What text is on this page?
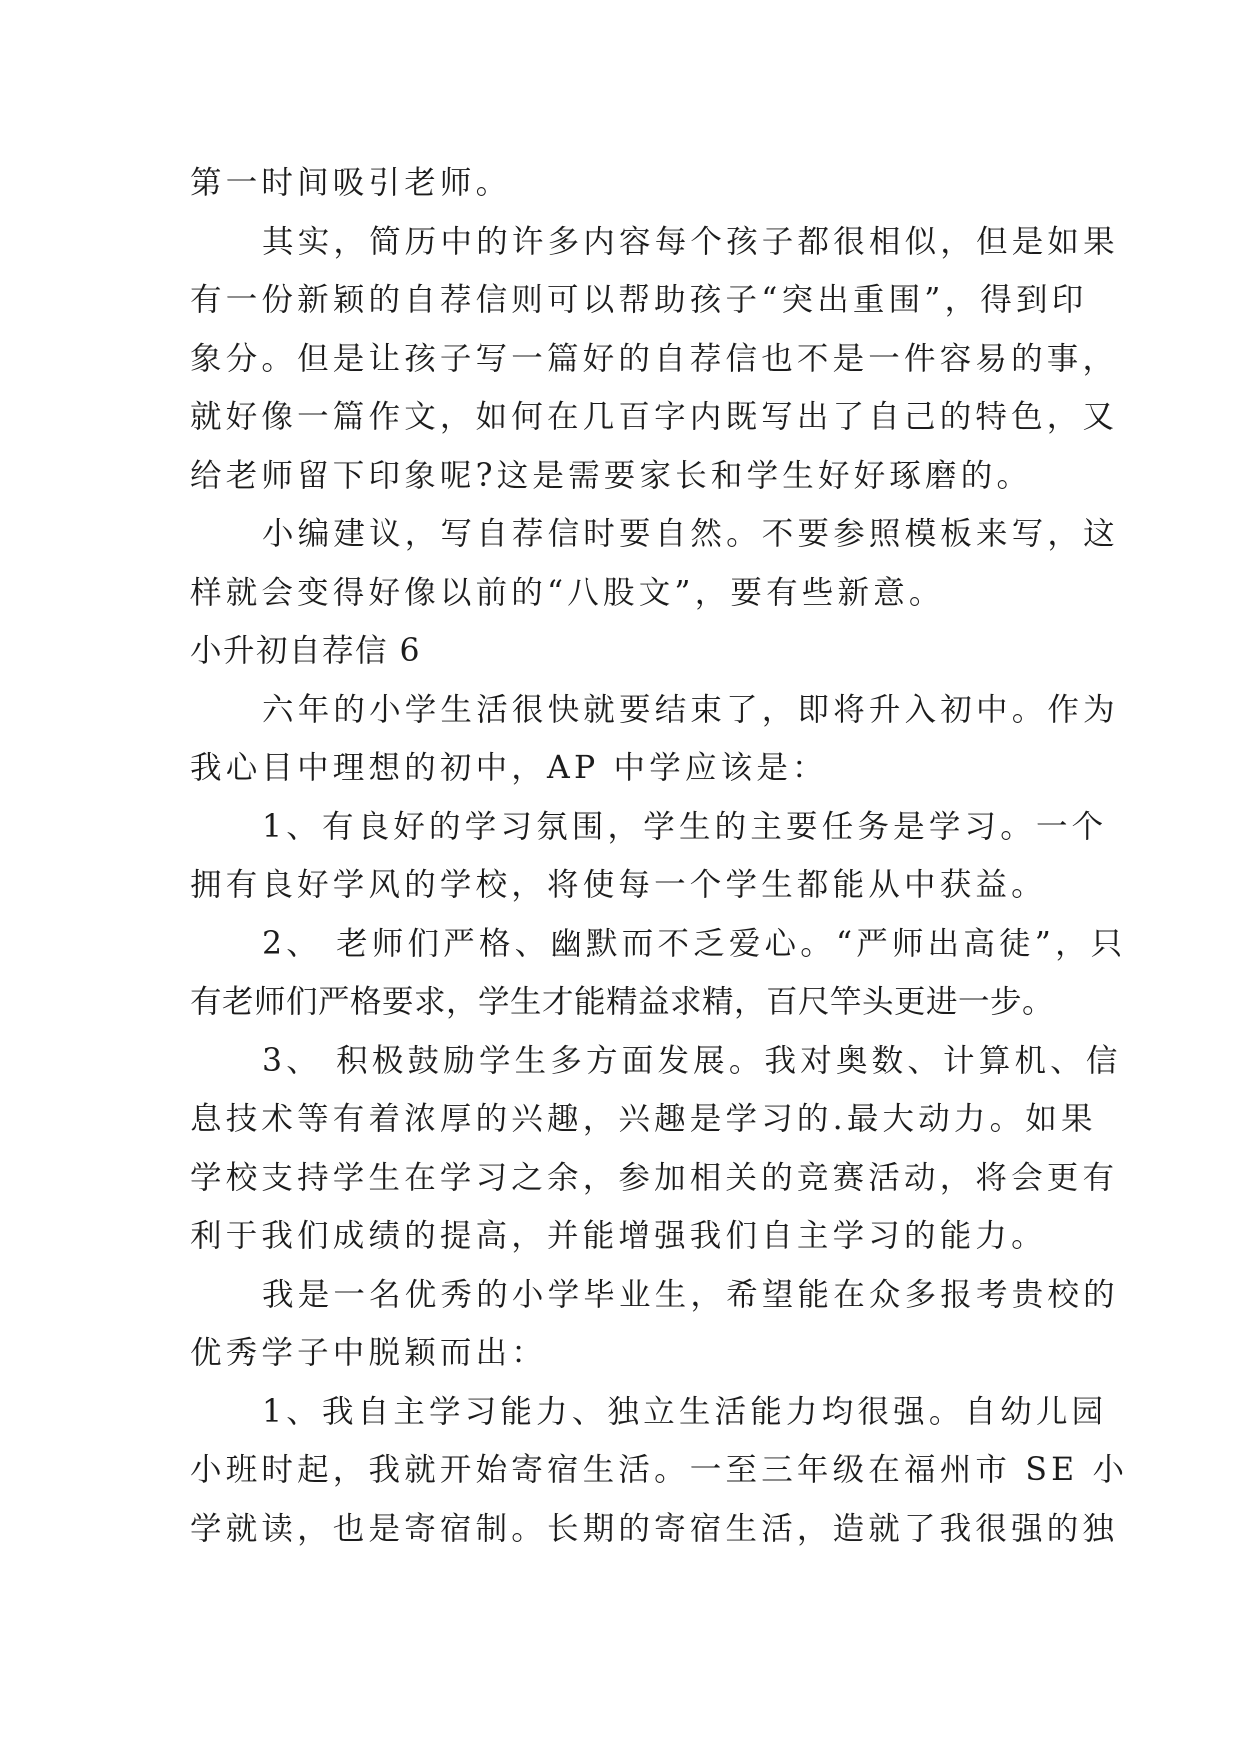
第一时间吸引老师。
其实，简历中的许多内容每个孩子都很相似，但是如果
有一份新颖的自荐信则可以帮助孩子“突出重围”，得到印
象分。但是让孩子写一篇好的自荐信也不是一件容易的事，
就好像一篇作文，如何在几百字内既写出了自己的特色，又
给老师留下印象呢?这是需要家长和学生好好琢磨的。
小编建议，写自荐信时要自然。不要参照模板来写，这
样就会变得好像以前的“八股文”，要有些新意。
小升初自荐信 6
六年的小学生活很快就要结束了，即将升入初中。作为
我心目中理想的初中，AP 中学应该是：
1、有良好的学习氛围，学生的主要任务是学习。一个
拥有良好学风的学校，将使每一个学生都能从中获益。
2、 老师们严格、幽默而不乏爱心。“严师出高徒”，只
有老师们严格要求，学生才能精益求精，百尺竿头更进一步。
3、 积极鼓励学生多方面发展。我对奥数、计算机、信
息技术等有着浓厚的兴趣，兴趣是学习的.最大动力。如果
学校支持学生在学习之余，参加相关的竞赛活动，将会更有
利于我们成绩的提高，并能增强我们自主学习的能力。
我是一名优秀的小学毕业生，希望能在众多报考贵校的
优秀学子中脱颖而出：
1、我自主学习能力、独立生活能力均很强。自幼儿园
小班时起，我就开始寄宿生活。一至三年级在福州市 SE 小
学就读，也是寄宿制。长期的寄宿生活，造就了我很强的独
